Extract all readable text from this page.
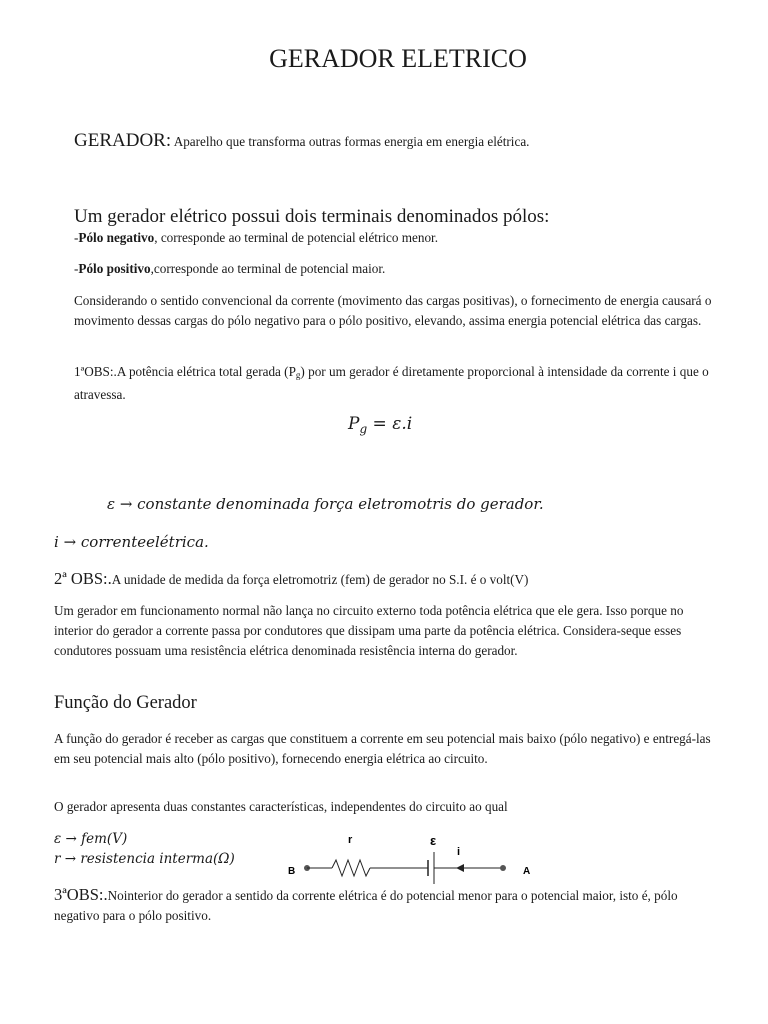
GERADOR ELETRICO
GERADOR: Aparelho que transforma outras formas energia em energia elétrica.
Um gerador elétrico possui dois terminais denominados pólos:
-Pólo negativo, corresponde ao terminal de potencial elétrico menor.
-Pólo positivo,corresponde ao terminal de potencial maior.
Considerando o sentido convencional da corrente (movimento das cargas positivas), o fornecimento de energia causará o movimento dessas cargas do pólo negativo para o pólo positivo, elevando, assima energia potencial elétrica das cargas.
1ªOBS:.A potência elétrica total gerada $(P_g)$ por um gerador é diretamente proporcional à intensidade da corrente i que o atravessa.
$P_g = \varepsilon.i$
ε → constante denominada força eletromotris do gerador.
i → correnteelétrica.
2ª OBS:.A unidade de medida da força eletromotriz (fem) de gerador no S.I. é o volt(V)
Um gerador em funcionamento normal não lança no circuito externo toda potência elétrica que ele gera. Isso porque no interior do gerador a corrente passa por condutores que dissipam uma parte da potência elétrica. Considera-seque esses condutores possuam uma resistência elétrica denominada resistência interna do gerador.
Função do Gerador
A função do gerador é receber as cargas que constituem a corrente em seu potencial mais baixo (pólo negativo) e entregá-las em seu potencial mais alto (pólo positivo), fornecendo energia elétrica ao circuito.
O gerador apresenta duas constantes características, independentes do circuito ao qual
ε → fem(V)
r → resistencia interma(Ω)
r	ε
i
B	A
3ªOBS:.Nointerior do gerador a sentido da corrente elétrica é do potencial menor para o potencial maior, isto é, pólo negativo para o pólo positivo.
